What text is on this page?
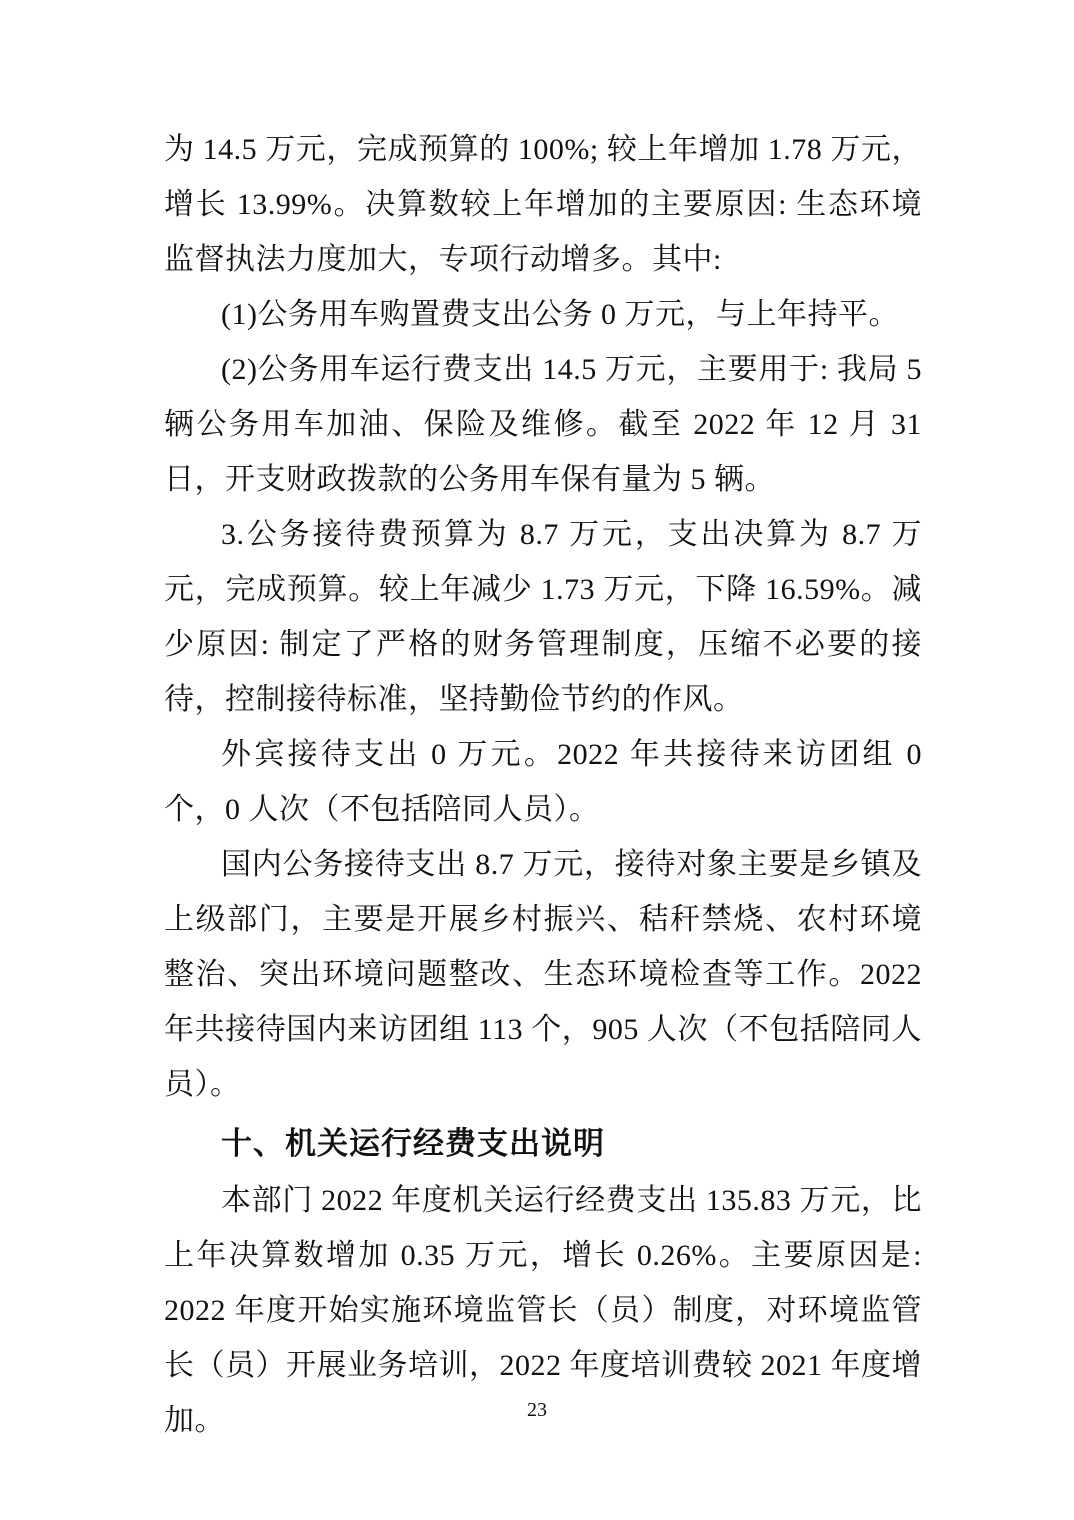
为 14.5 万元，完成预算的 100%; 较上年增加 1.78 万元，增长 13.99%。决算数较上年增加的主要原因: 生态环境监督执法力度加大，专项行动增多。其中:

(1)公务用车购置费支出公务 0 万元，与上年持平。

(2)公务用车运行费支出 14.5 万元，主要用于: 我局 5 辆公务用车加油、保险及维修。截至 2022 年 12 月 31 日，开支财政拨款的公务用车保有量为 5 辆。

3.公务接待费预算为 8.7 万元，支出决算为 8.7 万元，完成预算。较上年减少 1.73 万元，下降 16.59%。减少原因: 制定了严格的财务管理制度，压缩不必要的接待，控制接待标准，坚持勤俭节约的作风。

外宾接待支出 0 万元。2022 年共接待来访团组 0 个，0 人次（不包括陪同人员）。

国内公务接待支出 8.7 万元，接待对象主要是乡镇及上级部门，主要是开展乡村振兴、秸秆禁烧、农村环境整治、突出环境问题整改、生态环境检查等工作。2022 年共接待国内来访团组 113 个，905 人次（不包括陪同人员）。

十、机关运行经费支出说明

本部门 2022 年度机关运行经费支出 135.83 万元，比上年决算数增加 0.35 万元，增长 0.26%。主要原因是: 2022 年度开始实施环境监管长（员）制度，对环境监管长（员）开展业务培训，2022 年度培训费较 2021 年度增加。	23
